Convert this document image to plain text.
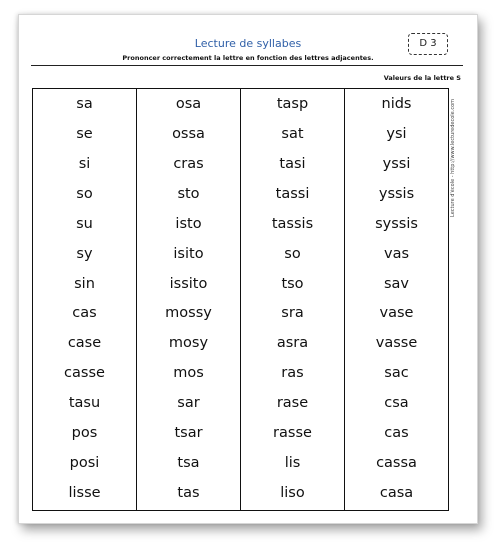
Lecture de syllabes	D 3
Prononcer correctement la lettre en fonction des lettres adjacentes.
Valeurs de la lettre S
Lecture d'école - http://www.lecturedecole.com
sa
se
si
so
su
sy
sin
cas
case
casse
tasu
pos
posi
lisse
osa
ossa
cras
sto
isto
isito
issito
mossy
mosy
mos
sar
tsar
tsa
tas
tasp
sat
tasi
tassi
tassis
so
tso
sra
asra
ras
rase
rasse
lis
liso
nids
ysi
yssi
yssis
syssis
vas
sav
vase
vasse
sac
csa
cas
cassa
casa
